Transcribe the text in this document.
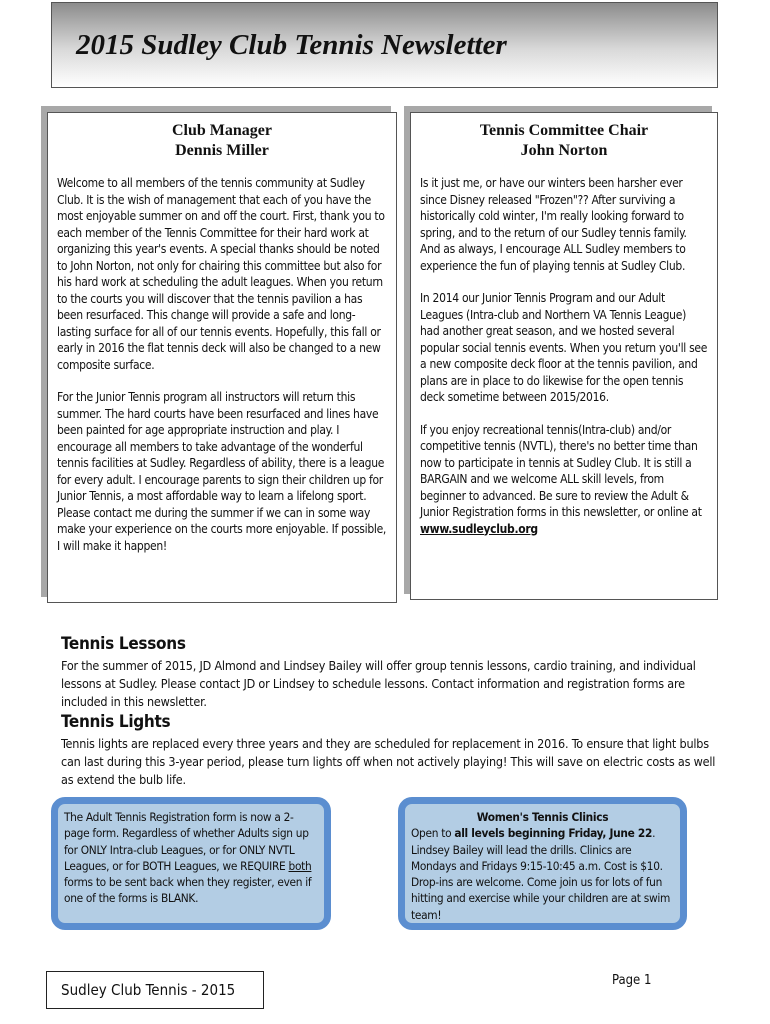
2015 Sudley Club Tennis Newsletter
Club Manager
Dennis Miller

Welcome to all members of the tennis community at Sudley Club. It is the wish of management that each of you have the most enjoyable summer on and off the court. First, thank you to each member of the Tennis Committee for their hard work at organizing this year's events. A special thanks should be noted to John Norton, not only for chairing this committee but also for his hard work at scheduling the adult leagues. When you return to the courts you will discover that the tennis pavilion a has been resurfaced. This change will provide a safe and long-lasting surface for all of our tennis events. Hopefully, this fall or early in 2016 the flat tennis deck will also be changed to a new composite surface.

For the Junior Tennis program all instructors will return this summer. The hard courts have been resurfaced and lines have been painted for age appropriate instruction and play. I encourage all members to take advantage of the wonderful tennis facilities at Sudley. Regardless of ability, there is a league for every adult. I encourage parents to sign their children up for Junior Tennis, a most affordable way to learn a lifelong sport. Please contact me during the summer if we can in some way make your experience on the courts more enjoyable. If possible, I will make it happen!

Tennis Committee Chair
John Norton

Is it just me, or have our winters been harsher ever since Disney released "Frozen"?? After surviving a historically cold winter, I'm really looking forward to spring, and to the return of our Sudley tennis family. And as always, I encourage ALL Sudley members to experience the fun of playing tennis at Sudley Club.

In 2014 our Junior Tennis Program and our Adult Leagues (Intra-club and Northern VA Tennis League) had another great season, and we hosted several popular social tennis events. When you return you'll see a new composite deck floor at the tennis pavilion, and plans are in place to do likewise for the open tennis deck sometime between 2015/2016.

If you enjoy recreational tennis(Intra-club) and/or competitive tennis (NVTL), there's no better time than now to participate in tennis at Sudley Club. It is still a BARGAIN and we welcome ALL skill levels, from beginner to advanced. Be sure to review the Adult & Junior Registration forms in this newsletter, or online at www.sudleyclub.org

Tennis Lessons
For the summer of 2015, JD Almond and Lindsey Bailey will offer group tennis lessons, cardio training, and individual lessons at Sudley. Please contact JD or Lindsey to schedule lessons. Contact information and registration forms are included in this newsletter.
Tennis Lights
Tennis lights are replaced every three years and they are scheduled for replacement in 2016. To ensure that light bulbs can last during this 3-year period, please turn lights off when not actively playing! This will save on electric costs as well as extend the bulb life.
The Adult Tennis Registration form is now a 2-page form. Regardless of whether Adults sign up for ONLY Intra-club Leagues, or for ONLY NVTL Leagues, or for BOTH Leagues, we REQUIRE both forms to be sent back when they register, even if one of the forms is BLANK.
Women's Tennis Clinics
Open to all levels beginning Friday, June 22. Lindsey Bailey will lead the drills. Clinics are Mondays and Fridays 9:15-10:45 a.m. Cost is $10. Drop-ins are welcome. Come join us for lots of fun hitting and exercise while your children are at swim team!
Sudley Club Tennis - 2015
Page 1
